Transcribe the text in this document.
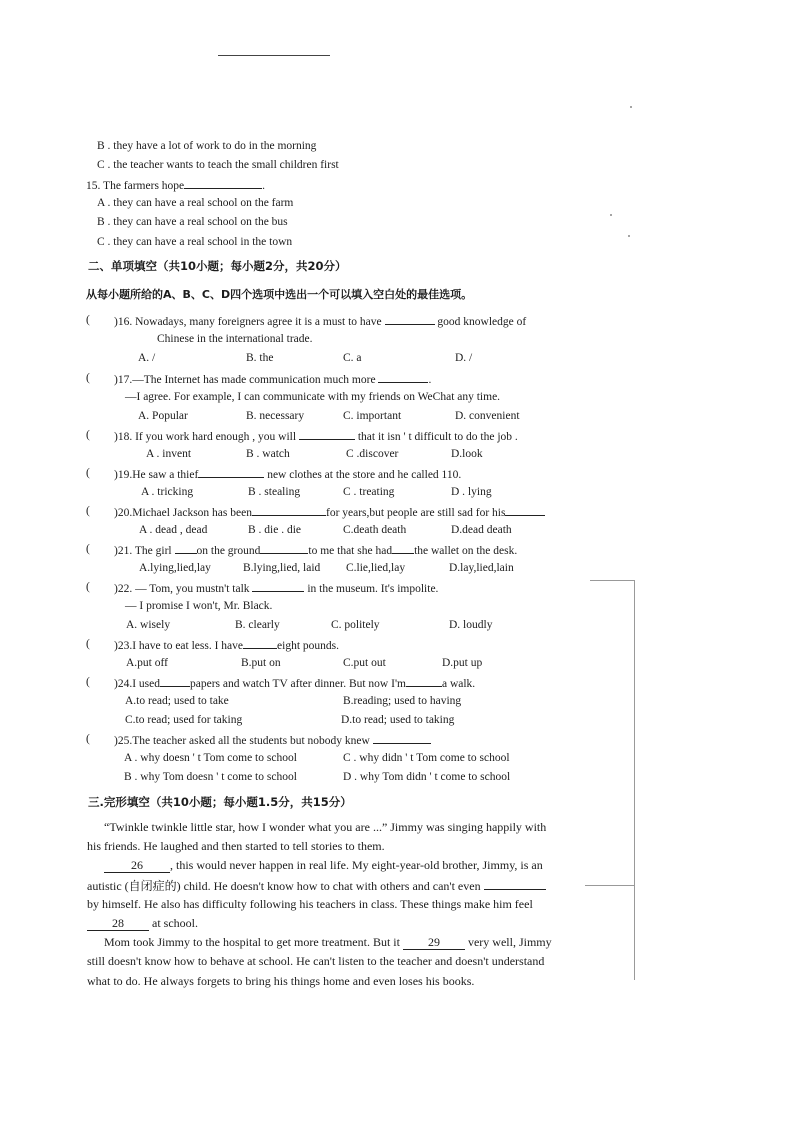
B . they have a lot of work to do in the morning
C . the teacher wants to teach the small children first
15. The farmers hope	.
A . they can have a real school on the farm
B . they can have a real school on the bus
C . they can have a real school in the town
二、单项填空（共10小题；每小题2分，共20分）
从每小题所给的A、B、C、D四个选项中选出一个可以填入空白处的最佳选项。
( )16. Nowadays, many foreigners agree it is a must to have	good knowledge of
Chinese in the international trade.
A. /	B. the	C. a	D. /
( )17.—The Internet has made communication much more	.
—I agree. For example, I can communicate with my friends on WeChat any time.
A. Popular	B. necessary	C. important	D. convenient
( )18. If you work hard enough , you will	that it isn ' t difficult to do the job .
A . invent	B . watch	C .discover	D.look
( )19.He saw a thief	new clothes at the store and he called 110.
A . tricking	B . stealing	C . treating	D . lying
( )20.Michael Jackson has been	for years,but people are still sad for his
A . dead , dead	B . die . die	C.death death	D.dead death
( )21. The girl on the ground	to me that she had the wallet on the desk.
A.lying,lied,lay	B.lying,lied, laid C.lie,lied,lay	D.lay,lied,lain
( )22. — Tom, you mustn't talk	in the museum. It's impolite.
— I promise I won't, Mr. Black.
A. wisely	B. clearly	C. politely	D. loudly
( )23.I have to eat less. I have	eight pounds.
A.put off	B.put on	C.put out	D.put up
( )24.I used	papers and watch TV after dinner. But now I'm	a walk.
A.to read; used to take	B.reading; used to having
C.to read; used for taking	D.to read; used to taking
( )25.The teacher asked all the students but nobody knew
A . why doesn ' t Tom come to school	C . why didn ' t Tom come to school
B . why Tom doesn ' t come to school	D . why Tom didn ' t come to school
三.完形填空（共10小题；每小题1.5分，共15分）
“Twinkle twinkle little star, how I wonder what you are ...” Jimmy was singing happily with
his friends. He laughed and then started to tell stories to them.
26 , this would never happen in real life. My eight-year-old brother, Jimmy, is an
autistic (自闭症的) child. He doesn't know how to chat with others and can't even
by himself. He also has difficulty following his teachers in class. These things make him feel
28 at school.
Mom took Jimmy to the hospital to get more treatment. But it 29 very well, Jimmy
still doesn't know how to behave at school. He can't listen to the teacher and doesn't understand
what to do. He always forgets to bring his things home and even loses his books.
